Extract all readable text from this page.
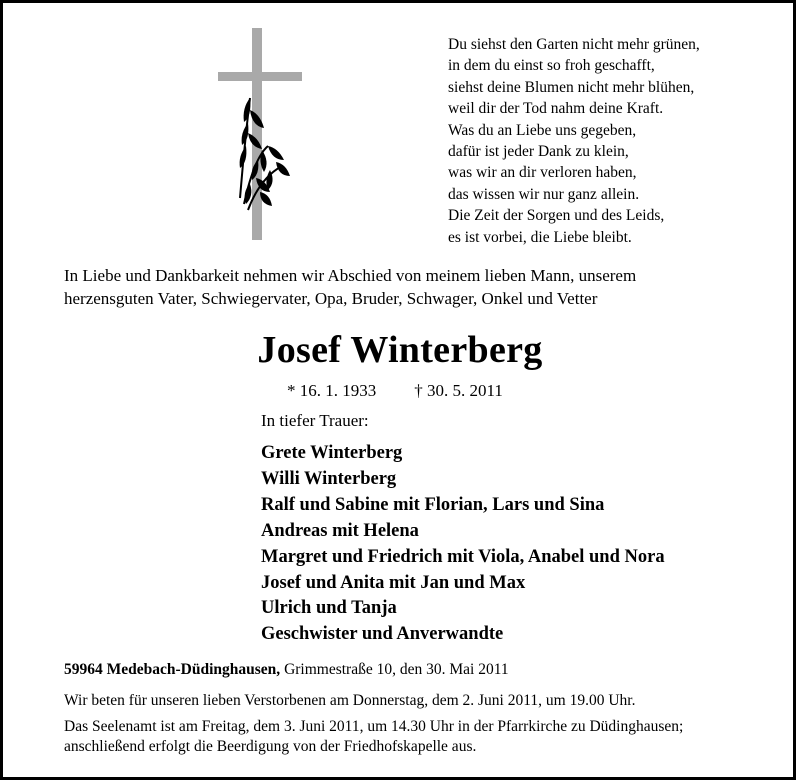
Du siehst den Garten nicht mehr grünen,
in dem du einst so froh geschafft,
siehst deine Blumen nicht mehr blühen,
weil dir der Tod nahm deine Kraft.
Was du an Liebe uns gegeben,
dafür ist jeder Dank zu klein,
was wir an dir verloren haben,
das wissen wir nur ganz allein.
Die Zeit der Sorgen und des Leids,
es ist vorbei, die Liebe bleibt.
In Liebe und Dankbarkeit nehmen wir Abschied von meinem lieben Mann, unserem
herzensguten Vater, Schwiegervater, Opa, Bruder, Schwager, Onkel und Vetter
Josef Winterberg
* 16. 1. 1933 † 30. 5. 2011
In tiefer Trauer:
Grete Winterberg
Willi Winterberg
Ralf und Sabine mit Florian, Lars und Sina
Andreas mit Helena
Margret und Friedrich mit Viola, Anabel und Nora
Josef und Anita mit Jan und Max
Ulrich und Tanja
Geschwister und Anverwandte
59964 Medebach-Düdinghausen, Grimmestraße 10, den 30. Mai 2011
Wir beten für unseren lieben Verstorbenen am Donnerstag, dem 2. Juni 2011, um 19.00 Uhr.
Das Seelenamt ist am Freitag, dem 3. Juni 2011, um 14.30 Uhr in der Pfarrkirche zu Düdinghausen;
anschließend erfolgt die Beerdigung von der Friedhofskapelle aus.
